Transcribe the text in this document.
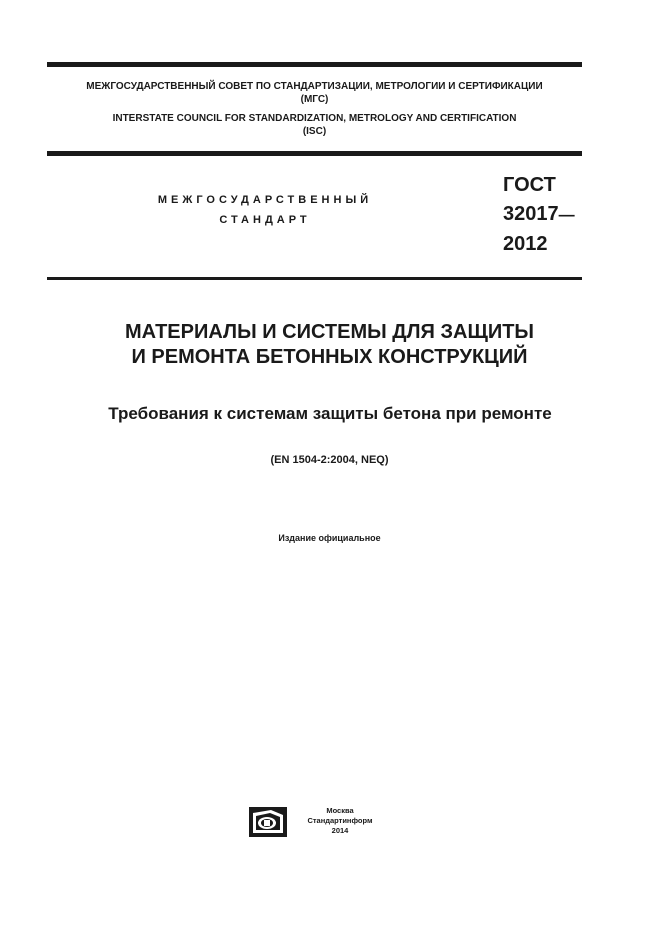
МЕЖГОСУДАРСТВЕННЫЙ СОВЕТ ПО СТАНДАРТИЗАЦИИ, МЕТРОЛОГИИ И СЕРТИФИКАЦИИ
(МГС)
INTERSTATE COUNCIL FOR STANDARDIZATION, METROLOGY AND CERTIFICATION
(ISC)
МЕЖГОСУДАРСТВЕННЫЙ
СТАНДАРТ
ГОСТ
32017—
2012
МАТЕРИАЛЫ И СИСТЕМЫ ДЛЯ ЗАЩИТЫ
И РЕМОНТА БЕТОННЫХ КОНСТРУКЦИЙ
Требования к системам защиты бетона при ремонте
(EN 1504-2:2004, NEQ)
Издание официальное
Москва
Стандартинформ
2014
